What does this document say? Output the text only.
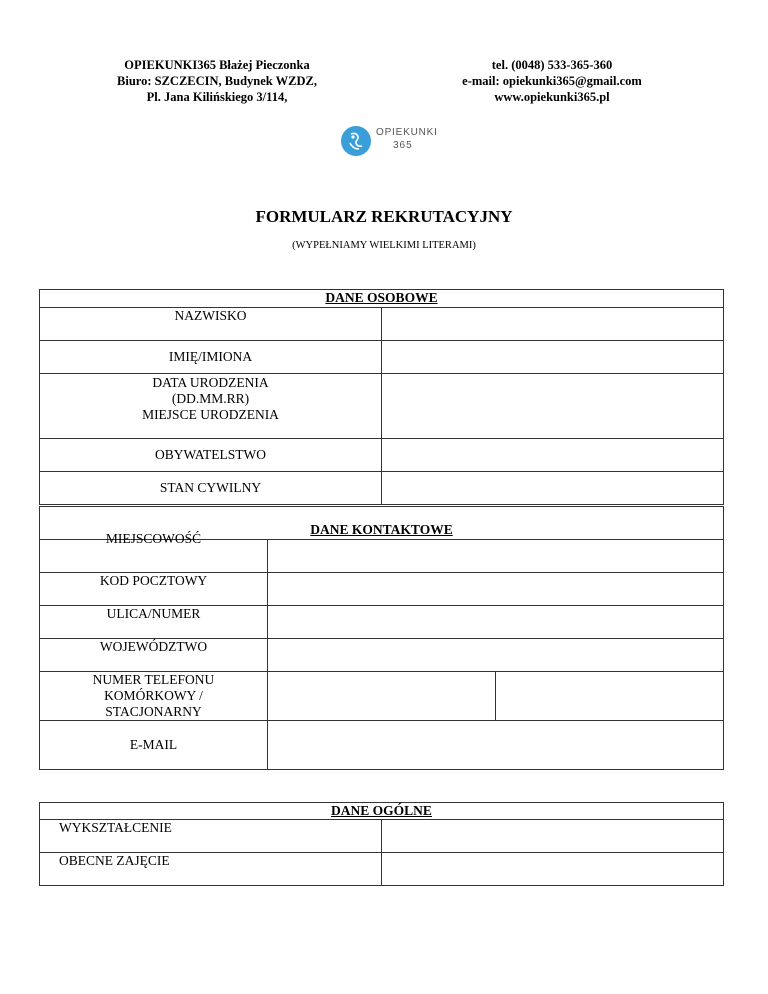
OPIEKUNKI365 Błażej Pieczonka
Biuro: SZCZECIN, Budynek WZDZ,
Pl. Jana Kilińskiego 3/114,
tel. (0048) 533-365-360
e-mail: opiekunki365@gmail.com
www.opiekunki365.pl
OPIEKUNKI
365
FORMULARZ REKRUTACYJNY
(WYPEŁNIAMY WIELKIMI LITERAMI)
DANE OSOBOWE	

NAZWISKO	

IMIĘ/IMIONA	

DATA URODZENIA
(DD.MM.RR)
MIEJSCE URODZENIA	

OBYWATELSTWO	

STAN CYWILNY	

DANE KONTAKTOWE		

MIEJSCOWOŚĆ		

KOD POCZTOWY		

ULICA/NUMER		

WOJEWÓDZTWO		

NUMER TELEFONU
KOMÓRKOWY /
STACJONARNY		

E-MAIL		

DANE OGÓLNE	

WYKSZTAŁCENIE	

OBECNE ZAJĘCIE	
